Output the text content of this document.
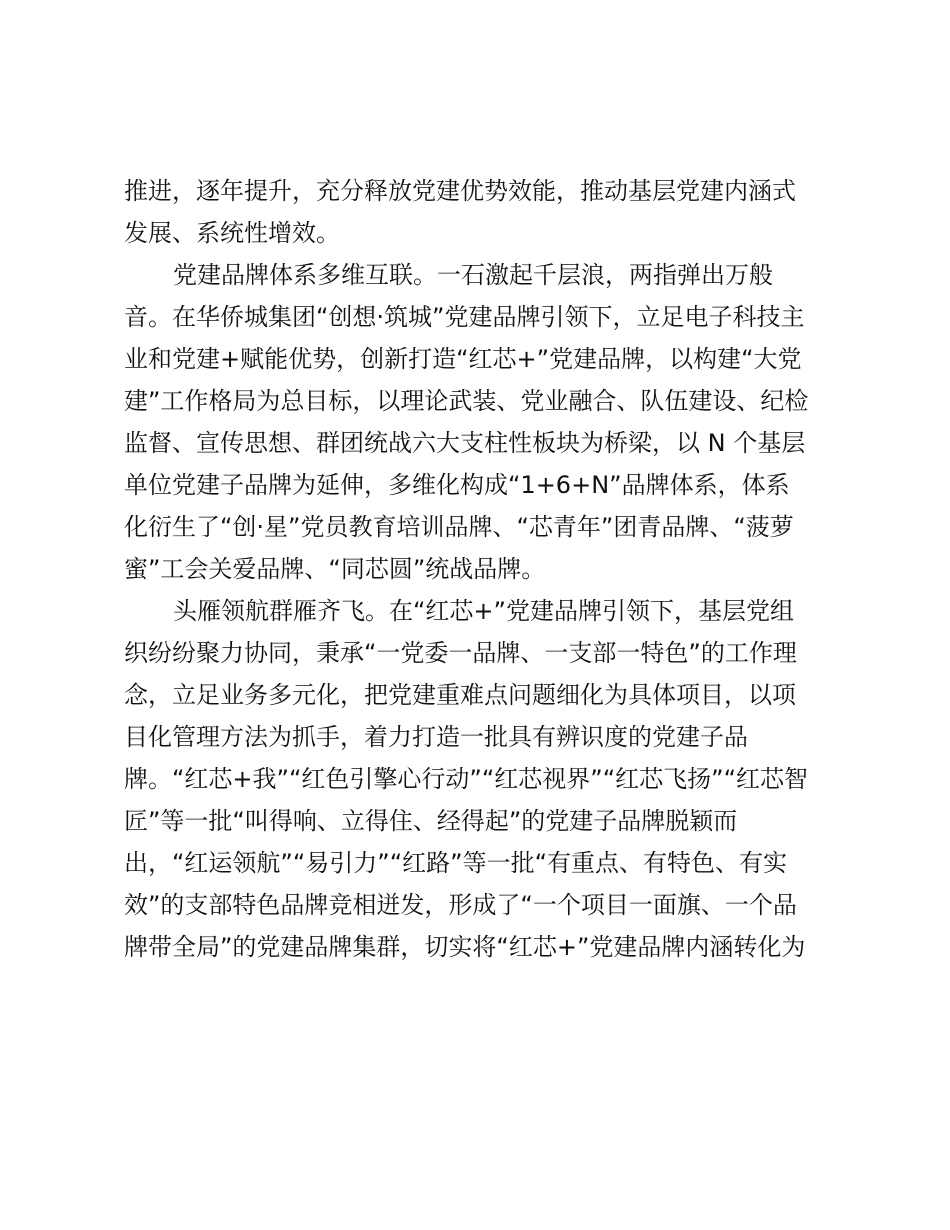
推进，逐年提升，充分释放党建优势效能，推动基层党建内涵式
发展、系统性增效。
党建品牌体系多维互联。一石激起千层浪，两指弹出万般
音。在华侨城集团“创想·筑城”党建品牌引领下，立足电子科技主
业和党建+赋能优势，创新打造“红芯+”党建品牌，以构建“大党
建”工作格局为总目标，以理论武装、党业融合、队伍建设、纪检
监督、宣传思想、群团统战六大支柱性板块为桥梁，以 N 个基层
单位党建子品牌为延伸，多维化构成“1+6+N”品牌体系，体系
化衍生了“创·星”党员教育培训品牌、“芯青年”团青品牌、“菠萝
蜜”工会关爱品牌、“同芯圆”统战品牌。
头雁领航群雁齐飞。在“红芯+”党建品牌引领下，基层党组
织纷纷聚力协同，秉承“一党委一品牌、一支部一特色”的工作理
念，立足业务多元化，把党建重难点问题细化为具体项目，以项
目化管理方法为抓手，着力打造一批具有辨识度的党建子品
牌。“红芯+我”“红色引擎心行动”“红芯视界”“红芯飞扬”“红芯智
匠”等一批“叫得响、立得住、经得起”的党建子品牌脱颖而
出，“红运领航”“易引力”“红路”等一批“有重点、有特色、有实
效”的支部特色品牌竞相迸发，形成了“一个项目一面旗、一个品
牌带全局”的党建品牌集群，切实将“红芯+”党建品牌内涵转化为
